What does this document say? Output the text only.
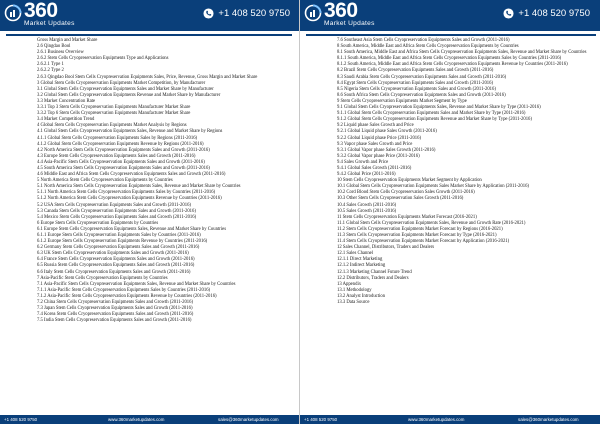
360
Market Updates
+1 408 520 9750
Gross Margin and Market Share
2.6 Qingdao Bool
2.6.1 Business Overview
2.6.2 Stem Cells Cryopreservation Equipments Type and Applications
2.6.2.1 Type 1
2.6.2.2 Type 2
2.6.3 Qingdao Bool Stem Cells Cryopreservation Equipments Sales, Price, Revenue, Gross Margin and Market Share
3 Global Stem Cells Cryopreservation Equipments Market Competition, by Manufacturer
3.1 Global Stem Cells Cryopreservation Equipments Sales and Market Share by Manufacturer
3.2 Global Stem Cells Cryopreservation Equipments Revenue and Market Share by Manufacturer
3.3 Market Concentration Rate
3.3.1 Top 3 Stem Cells Cryopreservation Equipments Manufacturer Market Share
3.3.2 Top 6 Stem Cells Cryopreservation Equipments Manufacturer Market Share
3.4 Market Competition Trend
4 Global Stem Cells Cryopreservation Equipments Market Analysis by Regions
4.1 Global Stem Cells Cryopreservation Equipments Sales, Revenue and Market Share by Regions
4.1.1 Global Stem Cells Cryopreservation Equipments Sales by Regions (2011-2016)
4.1.2 Global Stem Cells Cryopreservation Equipments Revenue by Regions (2011-2016)
4.2 North America Stem Cells Cryopreservation Equipments Sales and Growth (2011-2016)
4.3 Europe Stem Cells Cryopreservation Equipments Sales and Growth (2011-2016)
4.4 Asia-Pacific Stem Cells Cryopreservation Equipments Sales and Growth (2011-2016)
4.5 South America Stem Cells Cryopreservation Equipments Sales and Growth (2011-2016)
4.6 Middle East and Africa Stem Cells Cryopreservation Equipments Sales and Growth (2011-2016)
5 North America Stem Cells Cryopreservation Equipments by Countries
5.1 North America Stem Cells Cryopreservation Equipments Sales, Revenue and Market Share by Countries
5.1.1 North America Stem Cells Cryopreservation Equipments Sales by Countries (2011-2016)
5.1.2 North America Stem Cells Cryopreservation Equipments Revenue by Countries (2011-2016)
5.2 USA Stem Cells Cryopreservation Equipments Sales and Growth (2011-2016)
5.3 Canada Stem Cells Cryopreservation Equipments Sales and Growth (2011-2016)
5.4 Mexico Stem Cells Cryopreservation Equipments Sales and Growth (2011-2016)
6 Europe Stem Cells Cryopreservation Equipments by Countries
6.1 Europe Stem Cells Cryopreservation Equipments Sales, Revenue and Market Share by Countries
6.1.1 Europe Stem Cells Cryopreservation Equipments Sales by Countries (2011-2016)
6.1.2 Europe Stem Cells Cryopreservation Equipments Revenue by Countries (2011-2016)
6.2 Germany Stem Cells Cryopreservation Equipments Sales and Growth (2011-2016)
6.3 UK Stem Cells Cryopreservation Equipments Sales and Growth (2011-2016)
6.4 France Stem Cells Cryopreservation Equipments Sales and Growth (2011-2016)
6.5 Russia Stem Cells Cryopreservation Equipments Sales and Growth (2011-2016)
6.6 Italy Stem Cells Cryopreservation Equipments Sales and Growth (2011-2016)
7 Asia-Pacific Stem Cells Cryopreservation Equipments by Countries
7.1 Asia-Pacific Stem Cells Cryopreservation Equipments Sales, Revenue and Market Share by Countries
7.1.1 Asia-Pacific Stem Cells Cryopreservation Equipments Sales by Countries (2011-2016)
7.1.2 Asia-Pacific Stem Cells Cryopreservation Equipments Revenue by Countries (2011-2016)
7.2 China Stem Cells Cryopreservation Equipments Sales and Growth (2011-2016)
7.3 Japan Stem Cells Cryopreservation Equipments Sales and Growth (2011-2016)
7.4 Korea Stem Cells Cryopreservation Equipments Sales and Growth (2011-2016)
7.5 India Stem Cells Cryopreservation Equipments Sales and Growth (2011-2016)
+1 408 520 9750	www.360marketupdates.com	sales@360marketupdates.com
360
Market Updates
+1 408 520 9750
7.6 Southeast Asia Stem Cells Cryopreservation Equipments Sales and Growth (2011-2016)
8 South America, Middle East and Africa Stem Cells Cryopreservation Equipments by Countries
8.1 South America, Middle East and Africa Stem Cells Cryopreservation Equipments Sales, Revenue and Market Share by Countries
8.1.1 South America, Middle East and Africa Stem Cells Cryopreservation Equipments Sales by Countries (2011-2016)
8.1.2 South America, Middle East and Africa Stem Cells Cryopreservation Equipments Revenue by Countries (2011-2016)
8.2 Brazil Stem Cells Cryopreservation Equipments Sales and Growth (2011-2016)
8.3 Saudi Arabia Stem Cells Cryopreservation Equipments Sales and Growth (2011-2016)
8.4 Egypt Stem Cells Cryopreservation Equipments Sales and Growth (2011-2016)
8.5 Nigeria Stem Cells Cryopreservation Equipments Sales and Growth (2011-2016)
8.6 South Africa Stem Cells Cryopreservation Equipments Sales and Growth (2011-2016)
9 Stem Cells Cryopreservation Equipments Market Segment by Type
9.1 Global Stem Cells Cryopreservation Equipments Sales, Revenue and Market Share by Type (2011-2016)
9.1.1 Global Stem Cells Cryopreservation Equipments Sales and Market Share by Type (2011-2016)
9.1.2 Global Stem Cells Cryopreservation Equipments Revenue and Market Share by Type (2011-2016)
9.2 Liquid phase Sales Growth and Price
9.2.1 Global Liquid phase Sales Growth (2011-2016)
9.2.2 Global Liquid phase Price (2011-2016)
9.3 Vapor phase Sales Growth and Price
9.3.1 Global Vapor phase Sales Growth (2011-2016)
9.3.2 Global Vapor phase Price (2011-2016)
9.4 Sales Growth and Price
9.4.1 Global Sales Growth (2011-2016)
9.4.2 Global Price (2011-2016)
10 Stem Cells Cryopreservation Equipments Market Segment by Application
10.1 Global Stem Cells Cryopreservation Equipments Sales Market Share by Application (2011-2016)
10.2 Cord Blood Stem Cells Cryopreservation Sales Growth (2011-2016)
10.3 Other Stem Cells Cryopreservation Sales Growth (2011-2016)
10.4 Sales Growth (2011-2016)
10.5 Sales Growth (2011-2016)
11 Stem Cells Cryopreservation Equipments Market Forecast (2016-2021)
11.1 Global Stem Cells Cryopreservation Equipments Sales, Revenue and Growth Rate (2016-2021)
11.2 Stem Cells Cryopreservation Equipments Market Forecast by Regions (2016-2021)
11.3 Stem Cells Cryopreservation Equipments Market Forecast by Type (2016-2021)
11.4 Stem Cells Cryopreservation Equipments Market Forecast by Application (2016-2021)
12 Sales Channel, Distributors, Traders and Dealers
12.1 Sales Channel
12.1.1 Direct Marketing
12.1.2 Indirect Marketing
12.1.3 Marketing Channel Future Trend
12.2 Distributors, Traders and Dealers
13 Appendix
13.1 Methodology
13.2 Analyst Introduction
13.3 Data Source
+1 408 520 9750	www.360marketupdates.com	sales@360marketupdates.com
